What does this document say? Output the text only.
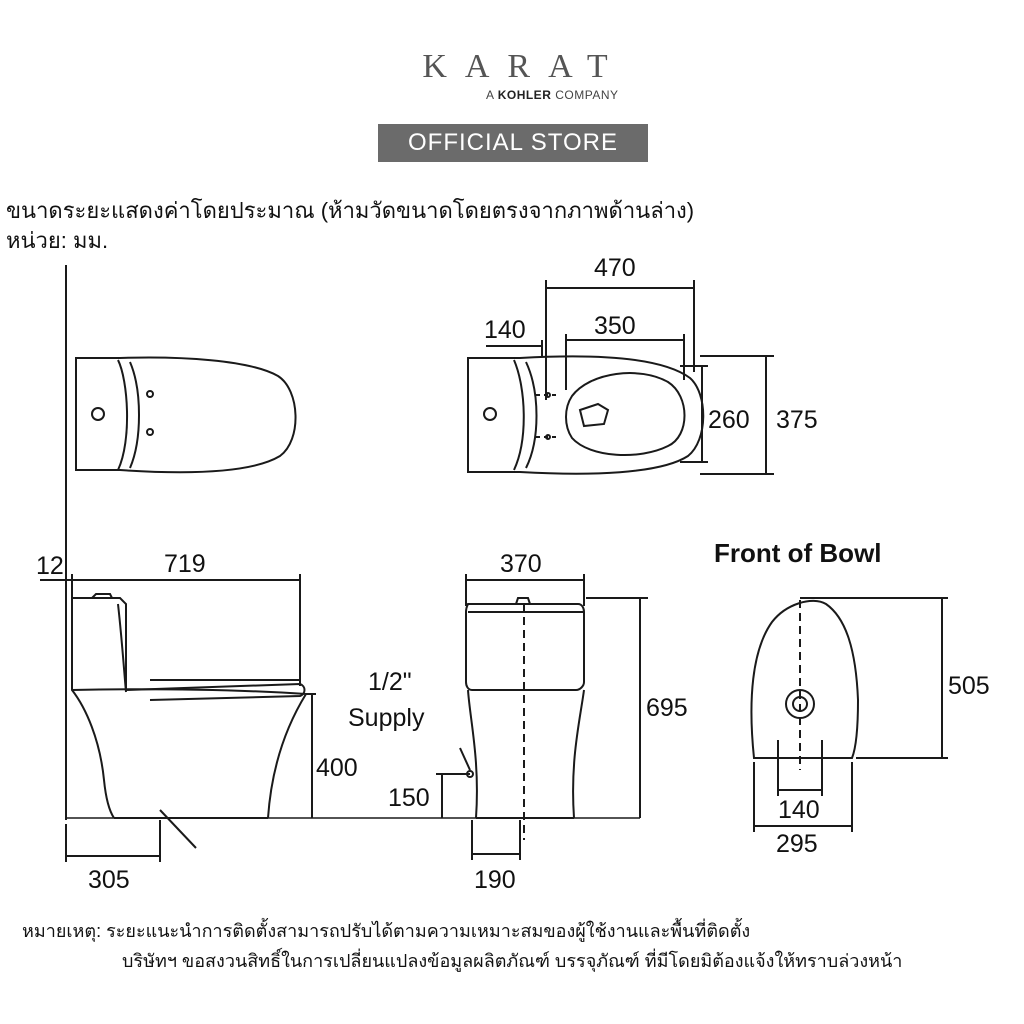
KARAT
A KOHLER COMPANY
OFFICIAL STORE
ขนาดระยะแสดงค่าโดยประมาณ (ห้ามวัดขนาดโดยตรงจากภาพด้านล่าง)
หน่วย: มม.
470
350
140
260 375
12	719
400
305
370
695
150
190
1/2"
Supply
Front of Bowl
505
140
295
หมายเหตุ: ระยะแนะนำการติดตั้งสามารถปรับได้ตามความเหมาะสมของผู้ใช้งานและพื้นที่ติดตั้ง
บริษัทฯ ขอสงวนสิทธิ์ในการเปลี่ยนแปลงข้อมูลผลิตภัณฑ์ บรรจุภัณฑ์ ที่มีโดยมิต้องแจ้งให้ทราบล่วงหน้า
